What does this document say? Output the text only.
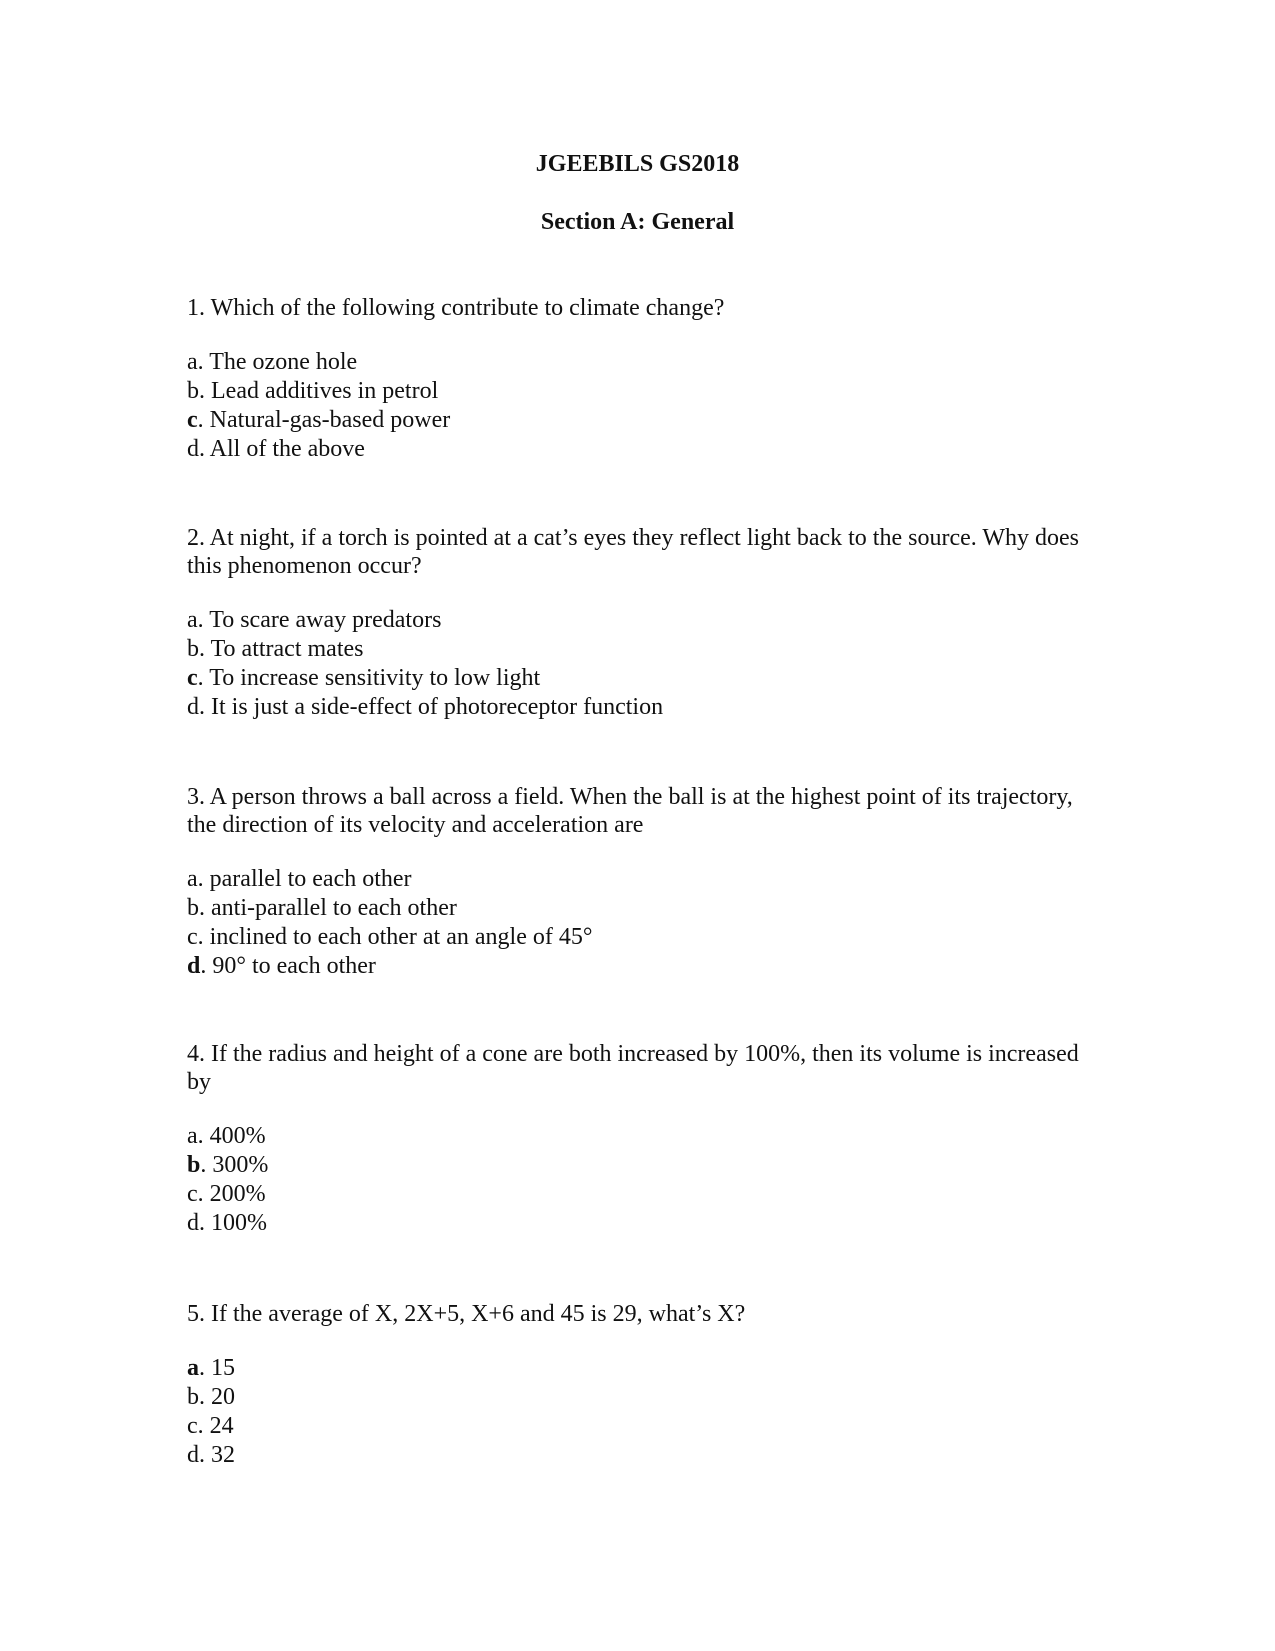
JGEEBILS GS2018
Section A: General

1. Which of the following contribute to climate change?

a. The ozone hole
b. Lead additives in petrol
c. Natural-gas-based power
d. All of the above

2. At night, if a torch is pointed at a cat’s eyes they reflect light back to the source. Why does this phenomenon occur?

a. To scare away predators
b. To attract mates
c. To increase sensitivity to low light
d. It is just a side-effect of photoreceptor function

3. A person throws a ball across a field. When the ball is at the highest point of its trajectory, the direction of its velocity and acceleration are

a. parallel to each other
b. anti-parallel to each other
c. inclined to each other at an angle of 45°
d. 90° to each other

4. If the radius and height of a cone are both increased by 100%, then its volume is increased by

a. 400%
b. 300%
c. 200%
d. 100%

5. If the average of X, 2X+5, X+6 and 45 is 29, what’s X?

a. 15
b. 20
c. 24
d. 32
